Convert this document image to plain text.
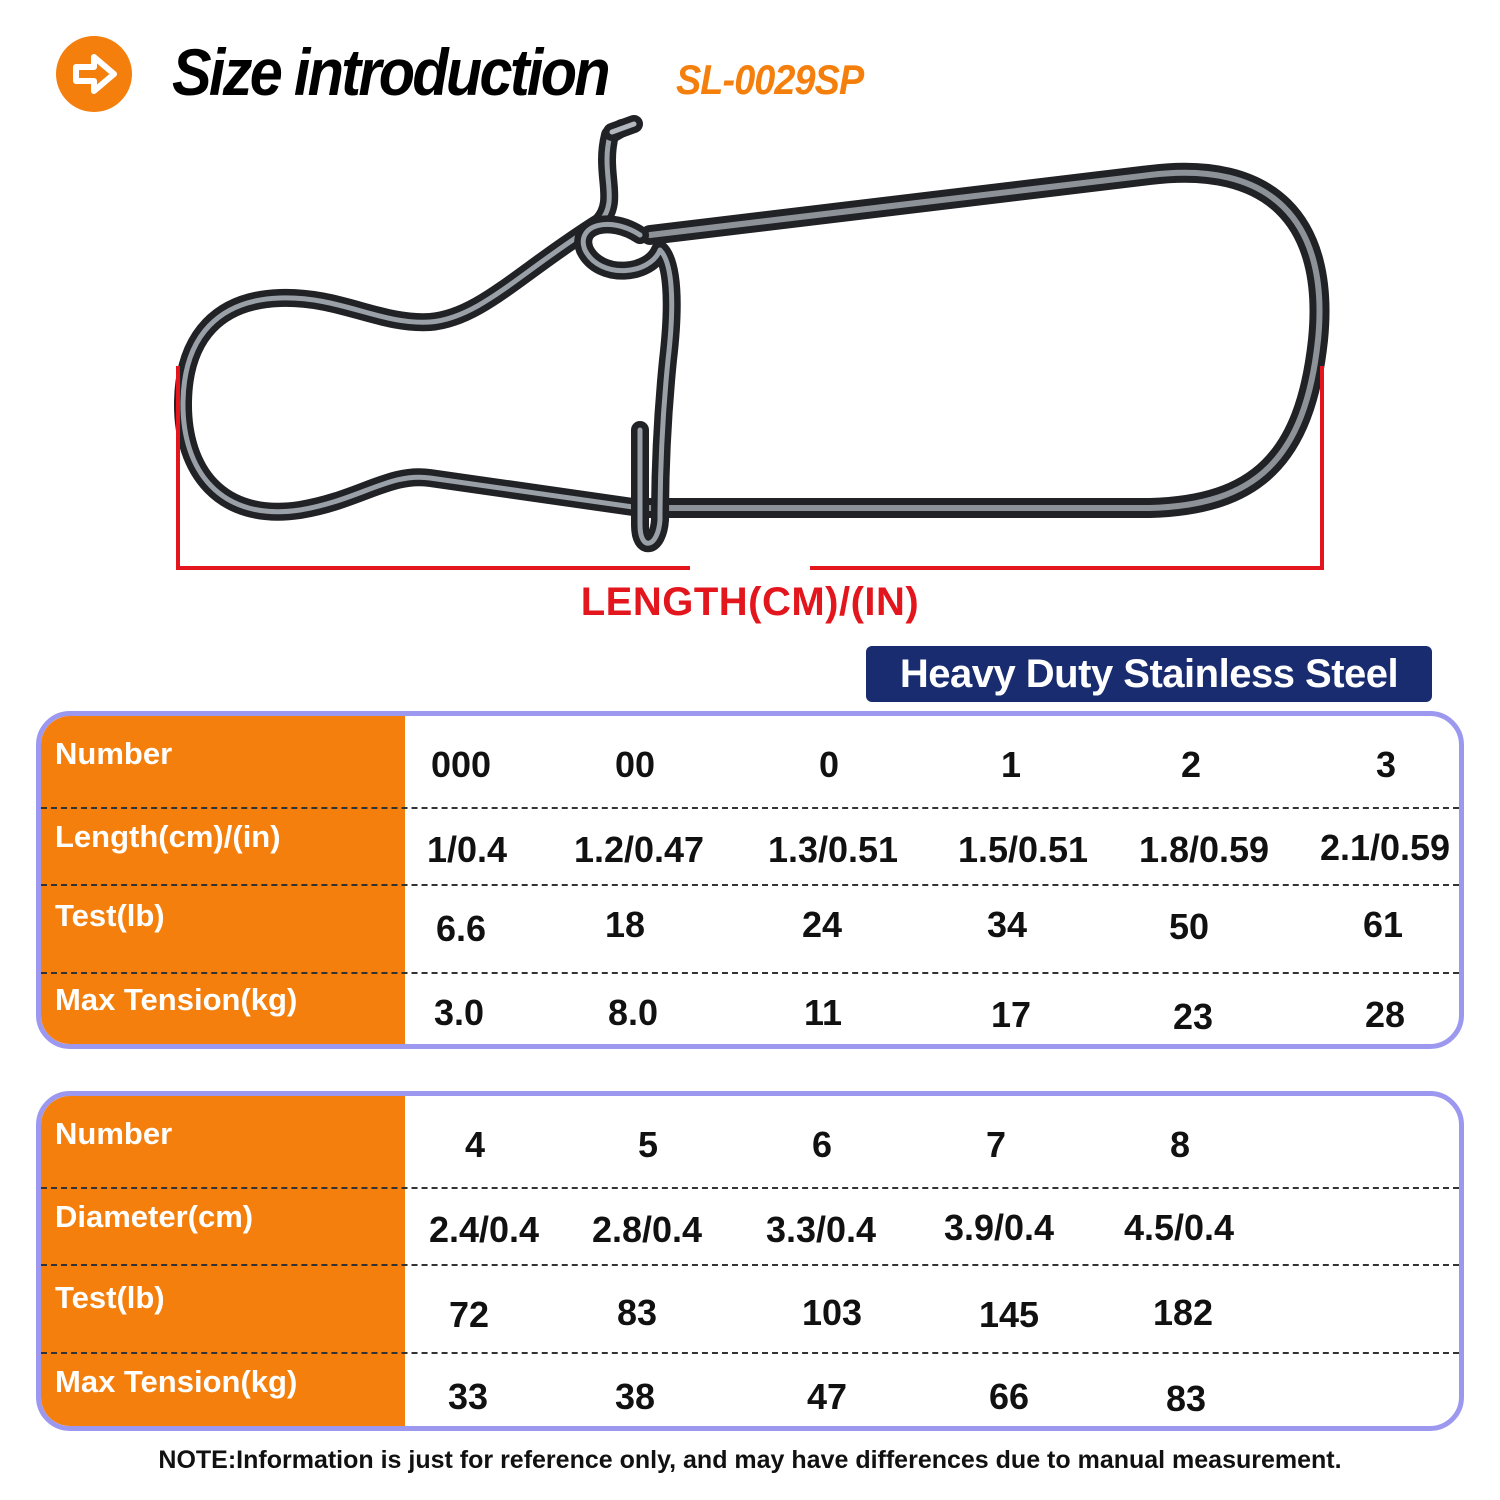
Size introduction SL-0029SP
LENGTH(CM)/(IN)
Heavy Duty Stainless Steel
Number	000	00	0	1	2	3
Length(cm)/(in)	1/0.4	1.2/0.47	1.3/0.51	1.5/0.51	1.8/0.59	2.1/0.59
Test(lb)	6.6	18	24	34	50	61
Max Tension(kg)	3.0	8.0	11	17	23	28
Number	4	5	6	7	8
Diameter(cm)	2.4/0.4	2.8/0.4	3.3/0.4	3.9/0.4	4.5/0.4
Test(lb)	72	83	103	145	182
Max Tension(kg)	33	38	47	66	83
NOTE:Information is just for reference only, and may have differences due to manual measurement.
